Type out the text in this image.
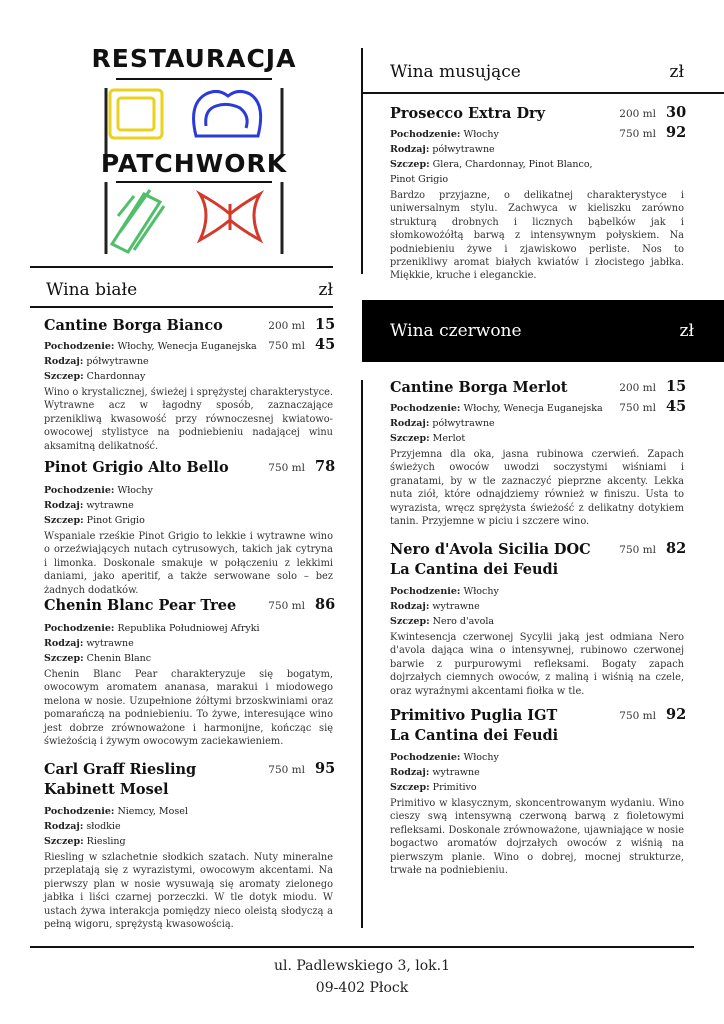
RESTAURACJA
PATCHWORK
Wina białe	zł
Cantine Borga Bianco	200 ml 15
750 ml 45
Pochodzenie: Włochy, Wenecja Euganejska
Rodzaj: półwytrawne
Szczep: Chardonnay
Wino o krystalicznej, świeżej i sprężystej charakterystyce. Wytrawne acz w łagodny sposób, zaznaczające przenikliwą kwasowość przy równoczesnej kwiatowo-owocowej stylistyce na podniebieniu nadającej winu aksamitną delikatność.
Pinot Grigio Alto Bello	750 ml 78
Pochodzenie: Włochy
Rodzaj: wytrawne
Szczep: Pinot Grigio
Wspaniale rześkie Pinot Grigio to lekkie i wytrawne wino o orzeźwiających nutach cytrusowych, takich jak cytryna i limonka. Doskonale smakuje w połączeniu z lekkimi daniami, jako aperitif, a także serwowane solo – bez żadnych dodatków.
Chenin Blanc Pear Tree	750 ml 86
Pochodzenie: Republika Południowej Afryki
Rodzaj: wytrawne
Szczep: Chenin Blanc
Chenin Blanc Pear charakteryzuje się bogatym, owocowym aromatem ananasa, marakui i miodowego melona w nosie. Uzupełnione żółtymi brzoskwiniami oraz pomarańczą na podniebieniu. To żywe, interesujące wino jest dobrze zrównoważone i harmonijne, kończąc się świeżością i żywym owocowym zaciekawieniem.
Carl Graff Riesling
Kabinett Mosel
750 ml 95
Pochodzenie: Niemcy, Mosel
Rodzaj: słodkie
Szczep: Riesling
Riesling w szlachetnie słodkich szatach. Nuty mineralne przeplatają się z wyrazistymi, owocowym akcentami. Na pierwszy plan w nosie wysuwają się aromaty zielonego jabłka i liści czarnej porzeczki. W tle dotyk miodu. W ustach żywa interakcja pomiędzy nieco oleistą słodyczą a pełną wigoru, sprężystą kwasowością.
Wina musujące	zł
Prosecco Extra Dry	200 ml 30
750 ml 92
Pochodzenie: Włochy
Rodzaj: półwytrawne
Szczep: Glera, Chardonnay, Pinot Blanco,
Pinot Grigio
Bardzo przyjazne, o delikatnej charakterystyce i uniwersalnym stylu. Zachwyca w kieliszku zarówno strukturą drobnych i licznych bąbelków jak i słomkowożółtą barwą z intensywnym połyskiem. Na podniebieniu żywe i zjawiskowo perliste. Nos to przenikliwy aromat białych kwiatów i złocistego jabłka. Miękkie, kruche i eleganckie.
Wina czerwone	zł
Cantine Borga Merlot	200 ml 15
750 ml 45
Pochodzenie: Włochy, Wenecja Euganejska
Rodzaj: półwytrawne
Szczep: Merlot
Przyjemna dla oka, jasna rubinowa czerwień. Zapach świeżych owoców uwodzi soczystymi wiśniami i granatami, by w tle zaznaczyć pieprzne akcenty. Lekka nuta ziół, które odnajdziemy również w finiszu. Usta to wyrazista, wręcz sprężysta świeżość z delikatny dotykiem tanin. Przyjemne w piciu i szczere wino.
Nero d'Avola Sicilia DOC
La Cantina dei Feudi
750 ml 82
Pochodzenie: Włochy
Rodzaj: wytrawne
Szczep: Nero d'avola
Kwintesencja czerwonej Sycylii jaką jest odmiana Nero d'avola dająca wina o intensywnej, rubinowo czerwonej barwie z purpurowymi refleksami. Bogaty zapach dojrzałych ciemnych owoców, z maliną i wiśnią na czele, oraz wyraźnymi akcentami fiołka w tle.
Primitivo Puglia IGT
La Cantina dei Feudi
750 ml 92
Pochodzenie: Włochy
Rodzaj: wytrawne
Szczep: Primitivo
Primitivo w klasycznym, skoncentrowanym wydaniu. Wino cieszy swą intensywną czerwoną barwą z fioletowymi refleksami. Doskonale zrównoważone, ujawniające w nosie bogactwo aromatów dojrzałych owoców z wiśnią na pierwszym planie. Wino o dobrej, mocnej strukturze, trwałe na podniebieniu.
ul. Padlewskiego 3, lok.1
09-402 Płock
